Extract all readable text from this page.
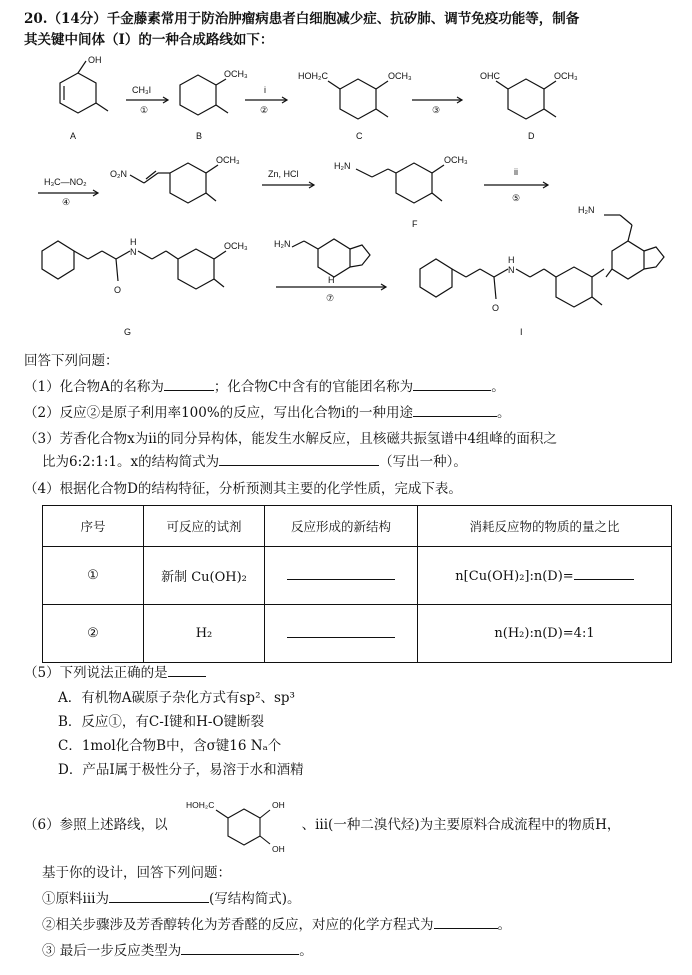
20.（14分）千金藤素常用于防治肿瘤病患者白细胞减少症、抗矽肺、调节免疫功能等，制备
其关键中间体（I）的一种合成路线如下：
OH
A
CH₃I
①
OCH₃
B
i
②
HOH₂C	OCH₃
C
③
OHC	OCH₃
D
H₃C—NO₂
④
O₂N
OCH₃
Zn, HCl
H₂N
OCH₃
F
ii
⑤
N
H
O
OCH₃
G
H₂N
H
⑦
H₂N
N
H
O
I
回答下列问题：
（1）化合物A的名称为	；化合物C中含有的官能团名称为	。
（2）反应②是原子利用率100%的反应，写出化合物i的一种用途	。
（3）芳香化合物x为ii的同分异构体，能发生水解反应，且核磁共振氢谱中4组峰的面积之
比为6:2:1:1。x的结构简式为	（写出一种）。
（4）根据化合物D的结构特征，分析预测其主要的化学性质，完成下表。
序号	可反应的试剂	反应形成的新结构	消耗反应物的物质的量之比
①	新制 Cu(OH)₂		n[Cu(OH)₂]:n(D)=
②	H₂		n(H₂):n(D)=4:1
（5）下列说法正确的是
A．有机物A碳原子杂化方式有sp²、sp³
B．反应①，有C-I键和H-O键断裂
C．1mol化合物B中，含σ键16 Nₐ个
D．产品I属于极性分子，易溶于水和酒精
（6）参照上述路线，以	、iii(一种二溴代烃)为主要原料合成流程中的物质H，
HOH₂C	OH
OH
基于你的设计，回答下列问题：
①原料iii为	(写结构简式)。
②相关步骤涉及芳香醇转化为芳香醛的反应，对应的化学方程式为	。
③ 最后一步反应类型为	。
